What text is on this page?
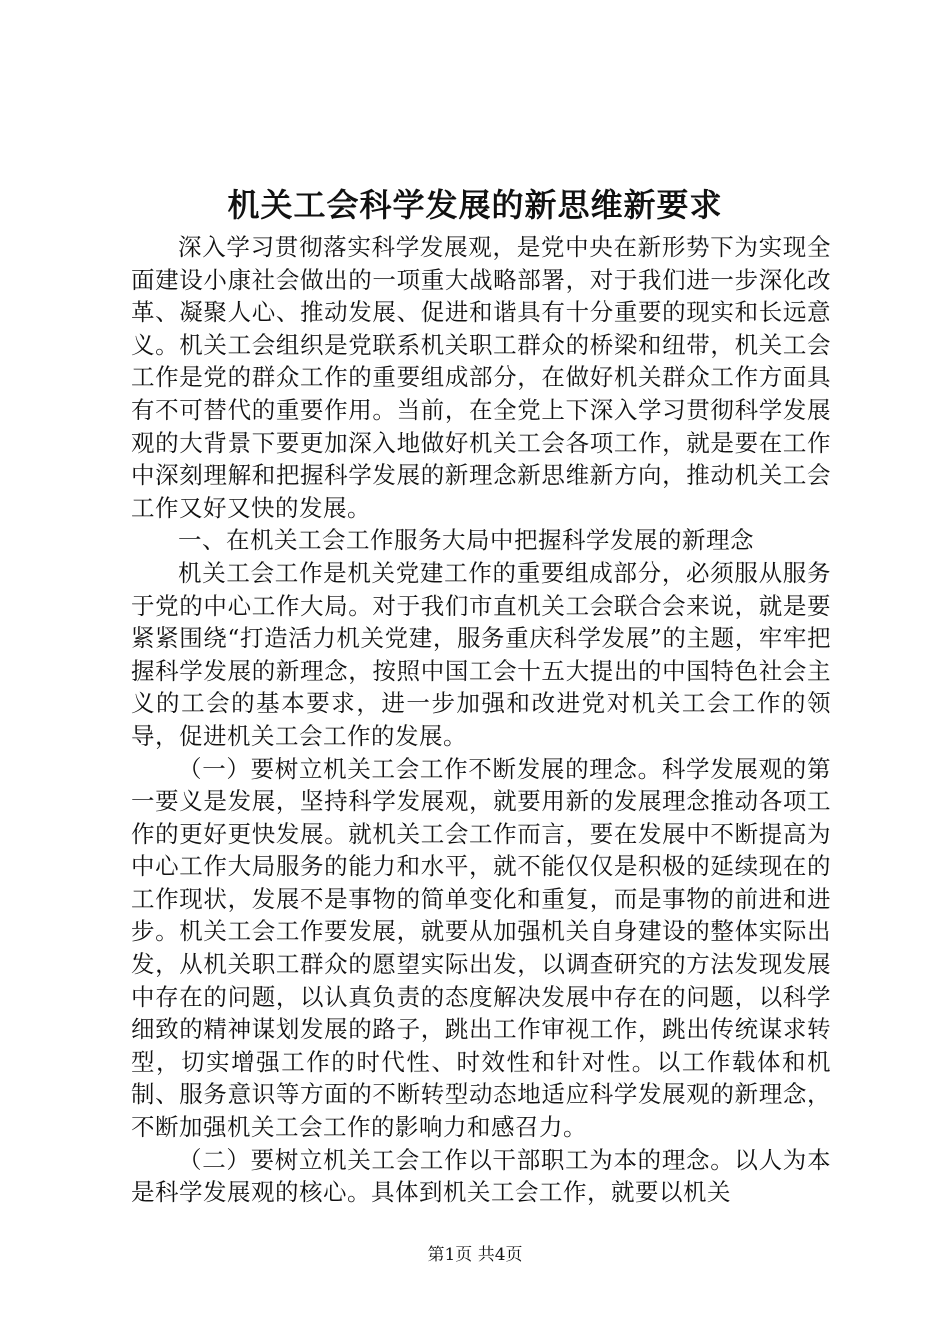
机关工会科学发展的新思维新要求

深入学习贯彻落实科学发展观，是党中央在新形势下为实现全面建设小康社会做出的一项重大战略部署，对于我们进一步深化改革、凝聚人心、推动发展、促进和谐具有十分重要的现实和长远意义。机关工会组织是党联系机关职工群众的桥梁和纽带，机关工会工作是党的群众工作的重要组成部分，在做好机关群众工作方面具有不可替代的重要作用。当前，在全党上下深入学习贯彻科学发展观的大背景下要更加深入地做好机关工会各项工作，就是要在工作中深刻理解和把握科学发展的新理念新思维新方向，推动机关工会工作又好又快的发展。

一、在机关工会工作服务大局中把握科学发展的新理念

机关工会工作是机关党建工作的重要组成部分，必须服从服务于党的中心工作大局。对于我们市直机关工会联合会来说，就是要紧紧围绕“打造活力机关党建，服务重庆科学发展”的主题，牢牢把握科学发展的新理念，按照中国工会十五大提出的中国特色社会主义的工会的基本要求，进一步加强和改进党对机关工会工作的领导，促进机关工会工作的发展。

（一）要树立机关工会工作不断发展的理念。科学发展观的第一要义是发展，坚持科学发展观，就要用新的发展理念推动各项工作的更好更快发展。就机关工会工作而言，要在发展中不断提高为中心工作大局服务的能力和水平，就不能仅仅是积极的延续现在的工作现状，发展不是事物的简单变化和重复，而是事物的前进和进步。机关工会工作要发展，就要从加强机关自身建设的整体实际出发，从机关职工群众的愿望实际出发，以调查研究的方法发现发展中存在的问题，以认真负责的态度解决发展中存在的问题，以科学细致的精神谋划发展的路子，跳出工作审视工作，跳出传统谋求转型，切实增强工作的时代性、时效性和针对性。以工作载体和机制、服务意识等方面的不断转型动态地适应科学发展观的新理念，不断加强机关工会工作的影响力和感召力。

（二）要树立机关工会工作以干部职工为本的理念。以人为本是科学发展观的核心。具体到机关工会工作，就要以机关

第1页 共4页
